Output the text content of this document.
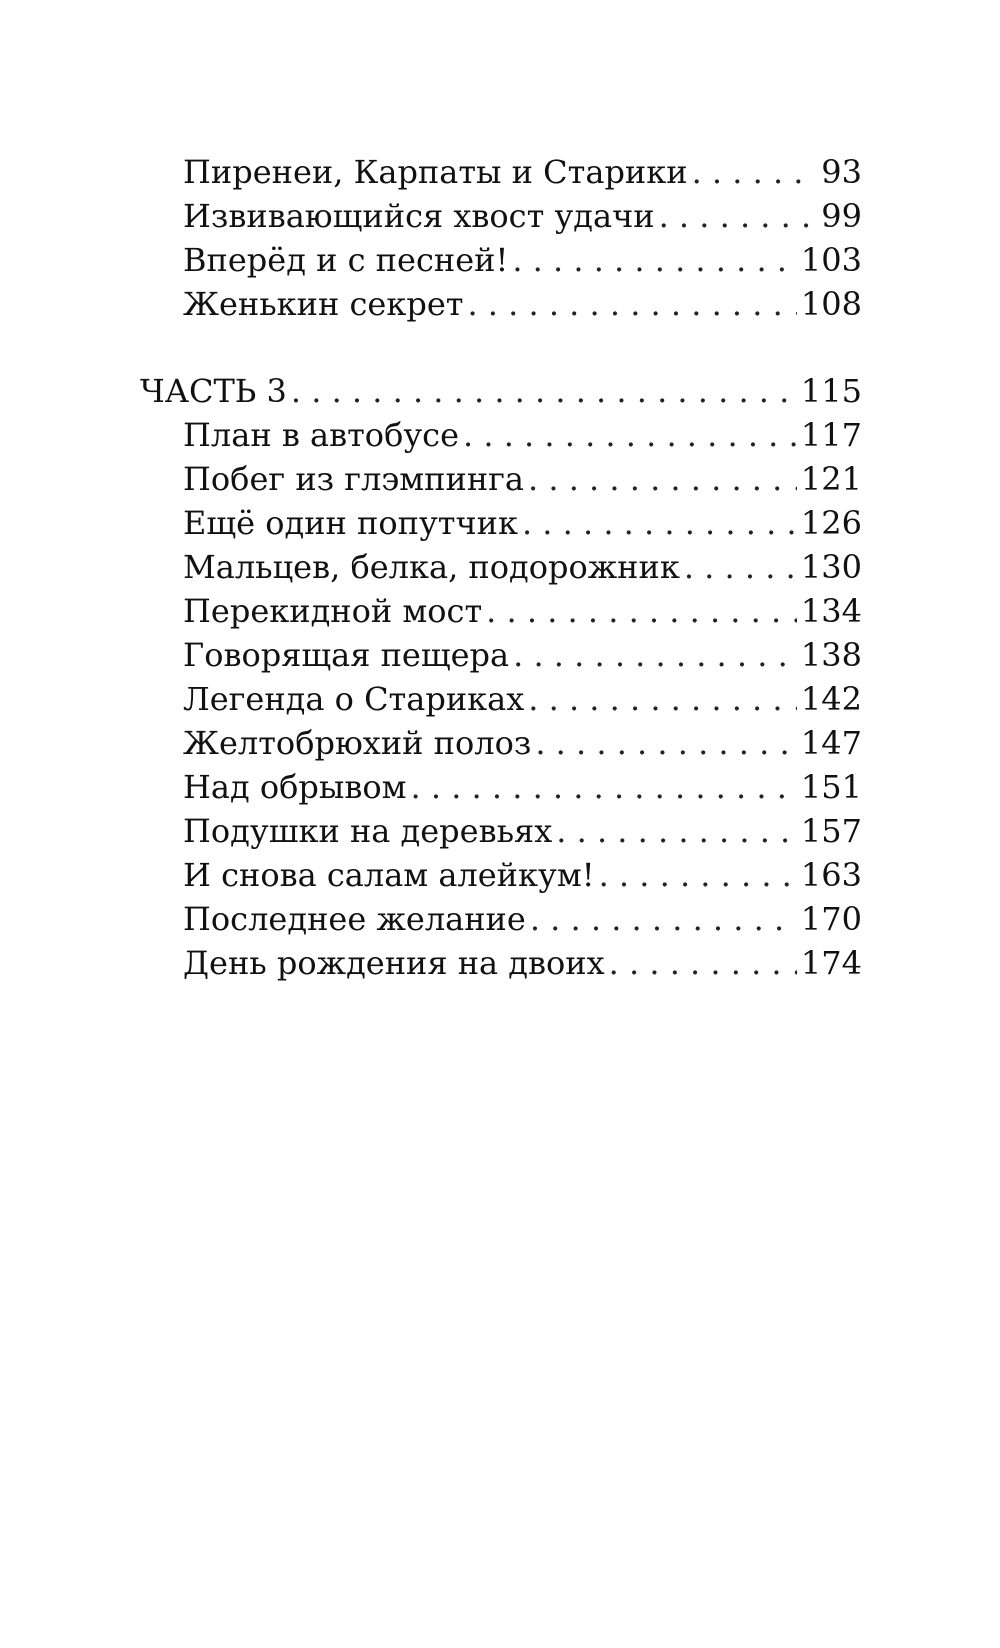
Пиренеи, Карпаты и Старики . . .	93
Извивающийся хвост удачи . . .	99
Вперёд и с песней! . . .	103
Женькин секрет . . .	108
ЧАСТЬ 3 . . .	115
План в автобусе . . .	117
Побег из глэмпинга . . .	121
Ещё один попутчик . . .	126
Мальцев, белка, подорожник . . .	130
Перекидной мост . . .	134
Говорящая пещера . . .	138
Легенда о Стариках . . .	142
Желтобрюхий полоз . . .	147
Над обрывом . . .	151
Подушки на деревьях . . .	157
И снова салам алейкум! . . .	163
Последнее желание . . .	170
День рождения на двоих . . .	174
